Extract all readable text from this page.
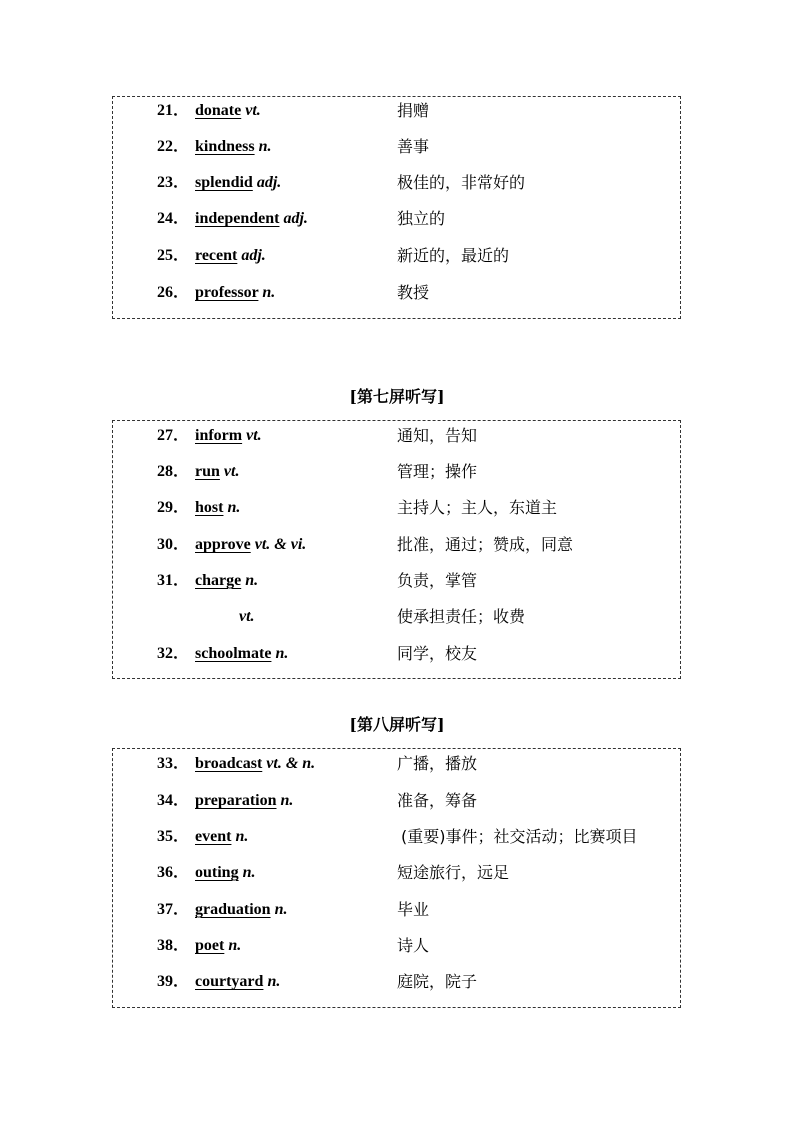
21． donate vt.	捐赠
22． kindness n.	善事
23． splendid adj.	极佳的，非常好的
24． independent adj.	独立的
25． recent adj.	新近的，最近的
26． professor n.	教授
[第七屏听写]
27． inform vt.	通知，告知
28． run vt.	管理；操作
29． host n.	主持人；主人，东道主
30． approve vt. & vi.	批准，通过；赞成，同意
31． charge n.	负责，掌管
vt.	使承担责任；收费
32． schoolmate n.	同学，校友
[第八屏听写]
33． broadcast vt. & n.	广播，播放
34． preparation n.	准备，筹备
35． event n.	(重要)事件；社交活动；比赛项目
36． outing n.	短途旅行，远足
37． graduation n.	毕业
38． poet n.	诗人
39． courtyard n.	庭院，院子
